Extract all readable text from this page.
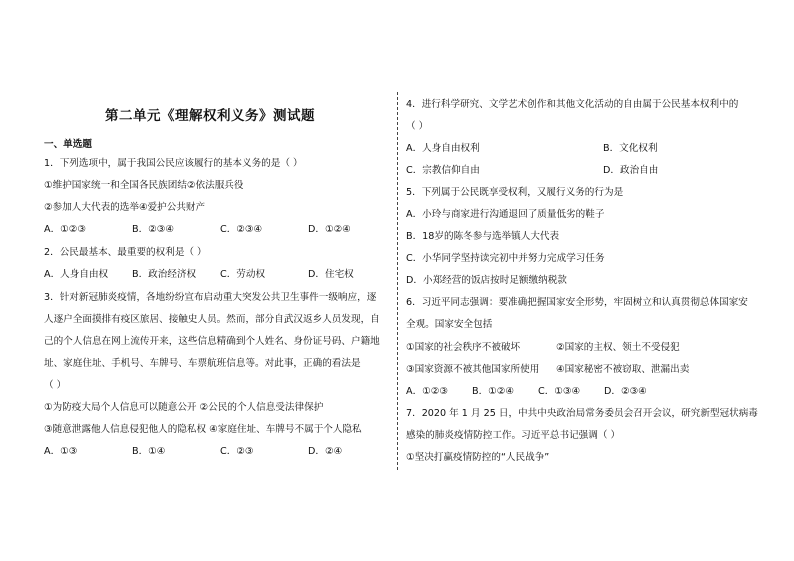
第二单元《理解权利义务》测试题
一、单选题
1．下列选项中，属于我国公民应该履行的基本义务的是（ ）
①维护国家统一和全国各民族团结②依法服兵役
②参加人大代表的选举④爱护公共财产
A．①②③	B．②③④	C．②③④	D．①②④
2．公民最基本、最重要的权利是（ ）
A．人身自由权 B．政治经济权 C．劳动权	D．住宅权
3．针对新冠肺炎疫情，各地纷纷宣布启动重大突发公共卫生事件一级响应，逐
人逐户全面摸排有疫区旅居、接触史人员。然而，部分自武汉返乡人员发现，自
己的个人信息在网上流传开来，这些信息精确到个人姓名、身份证号码、户籍地
址、家庭住址、手机号、车牌号、车票航班信息等。对此事，正确的看法是
（ ）
①为防疫大局个人信息可以随意公开 ②公民的个人信息受法律保护
③随意泄露他人信息侵犯他人的隐私权 ④家庭住址、车牌号不属于个人隐私
A．①③	B．①④	C．②③	D．②④
4．进行科学研究、文学艺术创作和其他文化活动的自由属于公民基本权利中的
（ ）
A．人身自由权利	B．文化权利
C．宗教信仰自由	D．政治自由
5．下列属于公民既享受权利，又履行义务的行为是
A．小玲与商家进行沟通退回了质量低劣的鞋子
B．18岁的陈冬参与选举镇人大代表
C．小华同学坚持读完初中并努力完成学习任务
D．小郑经营的饭店按时足额缴纳税款
6．习近平同志强调：要准确把握国家安全形势，牢固树立和认真贯彻总体国家安
全观。国家安全包括
①国家的社会秩序不被破坏	②国家的主权、领土不受侵犯
③国家资源不被其他国家所使用 ④国家秘密不被窃取、泄漏出卖
A．①②③	B．①②④	C．①③④ D．②③④
7．2020 年 1 月 25 日，中共中央政治局常务委员会召开会议，研究新型冠状病毒
感染的肺炎疫情防控工作。习近平总书记强调（ ）
①坚决打赢疫情防控的“人民战争”
